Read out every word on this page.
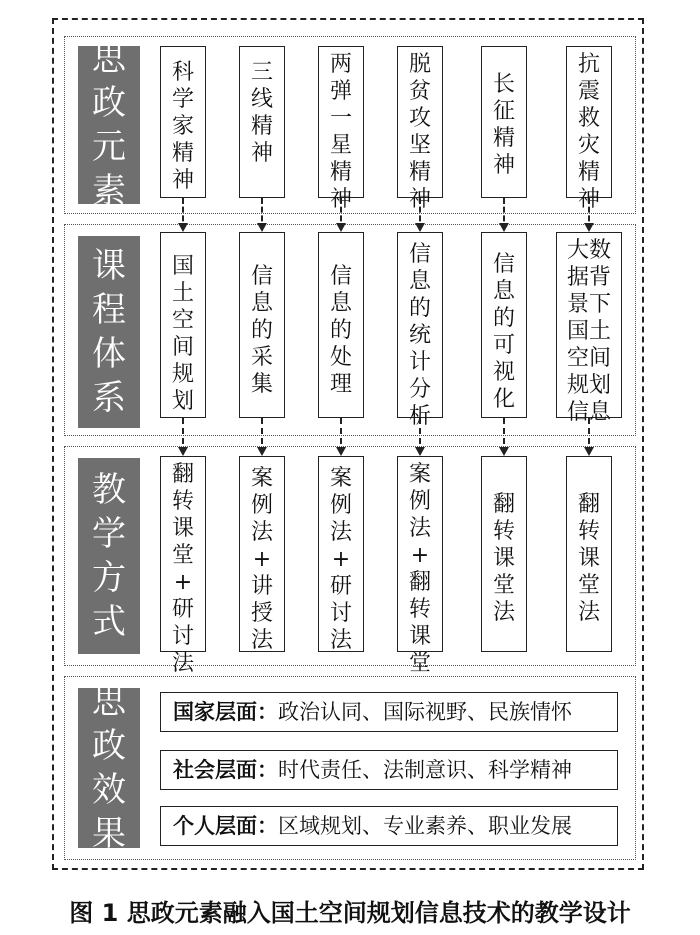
思
政
元
素
课
程
体
系
教
学
方
式
思
政
效
果
科
学
家
精
神
三
线
精
神
两
弹
一
星
精
神
脱
贫
攻
坚
精
神
长
征
精
神
抗
震
救
灾
精
神
国
土
空
间
规
划
信
息
的
采
集
信
息
的
处
理
信
息
的
统
计
分
析
信
息
的
可
视
化
大数
据背
景下
国土
空间
规划
信息
翻
转
课
堂
+
研
讨
法
案
例
法
+
讲
授
法
案
例
法
+
研
讨
法
案
例
法
+
翻
转
课
堂
翻
转
课
堂
法
翻
转
课
堂
法
国家层面：政治认同、国际视野、民族情怀
社会层面：时代责任、法制意识、科学精神
个人层面：区域规划、专业素养、职业发展
图 1 思政元素融入国土空间规划信息技术的教学设计
